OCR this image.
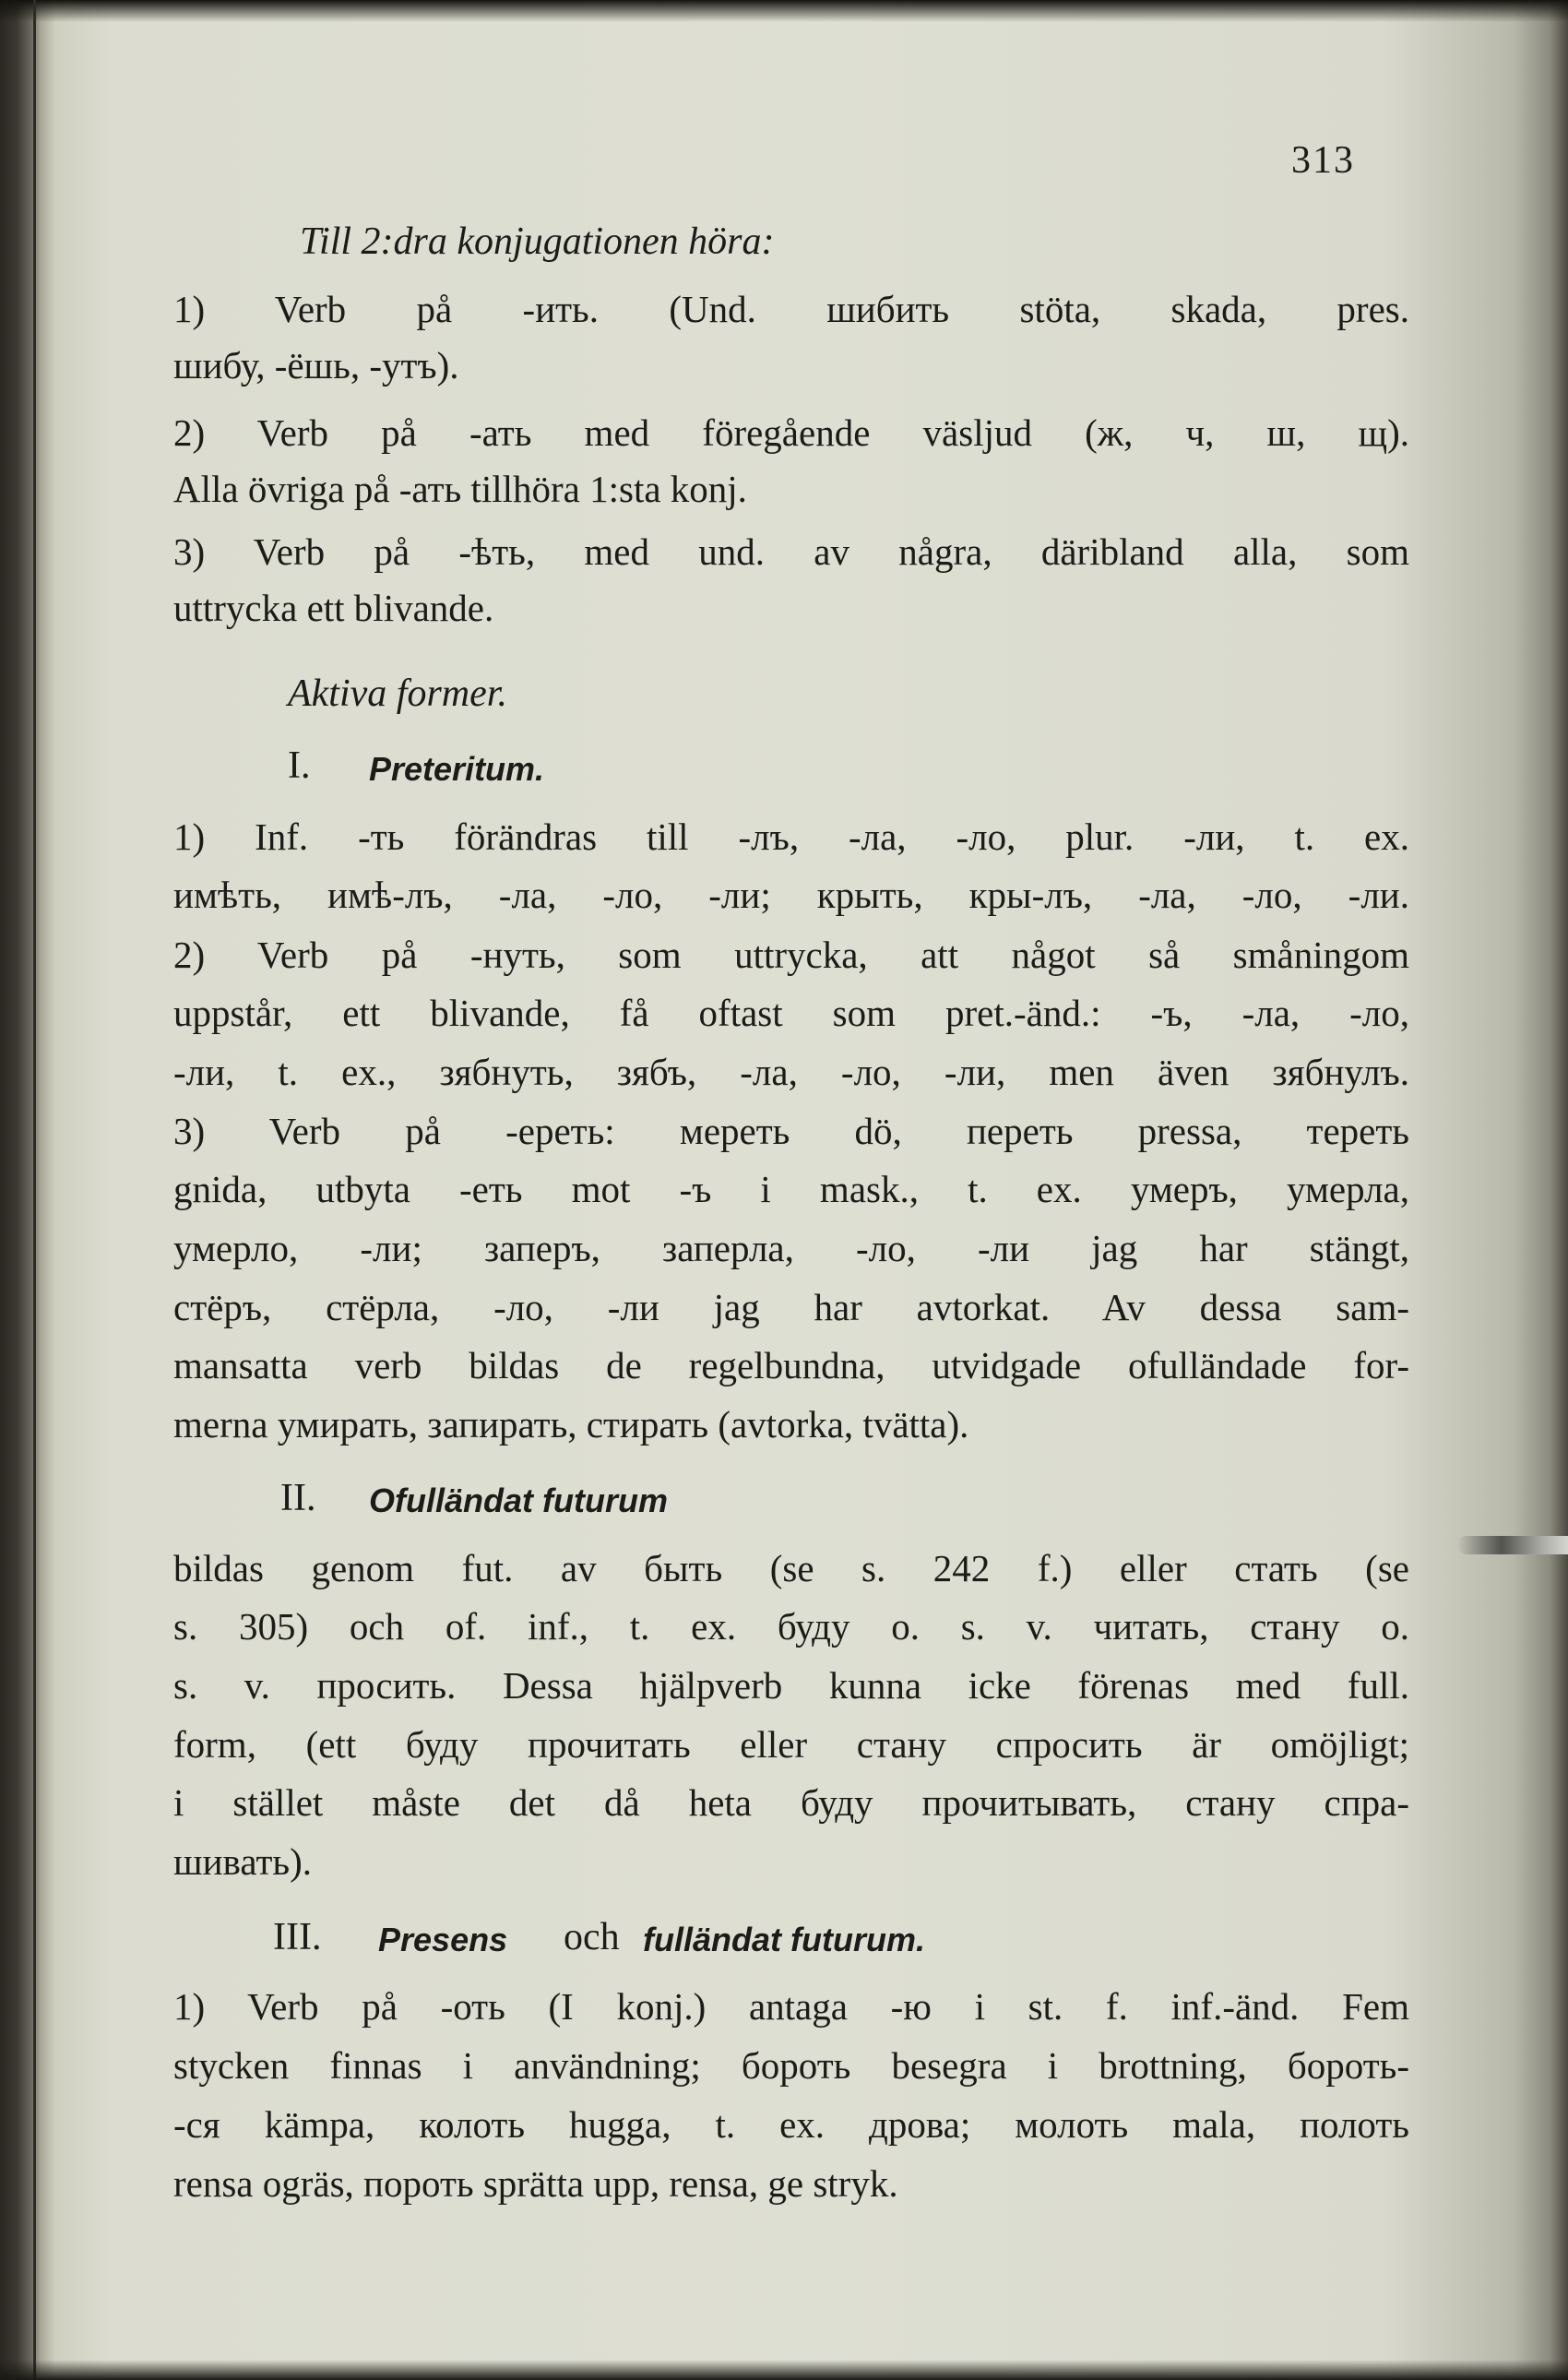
313
Till 2:dra konjugationen höra:
1) Verb på -ить. (Und. шибить stöta, skada, pres.
шибу, -ёшь, -утъ).
2) Verb på -ать med föregående väsljud (ж, ч, ш, щ).
Alla övriga på -ать tillhöra 1:sta konj.
3) Verb på -ѣть, med und. av några, däribland alla, som
uttrycka ett blivande.
Aktiva former.
I. Preteritum.
1) Inf. -ть förändras till -лъ, -ла, -ло, plur. -ли, t. ex.
имѣть, имѣ-лъ, -ла, -ло, -ли; крыть, кры-лъ, -ла, -ло, -ли.
2) Verb på -нуть, som uttrycka, att något så småningom
uppstår, ett blivande, få oftast som pret.-änd.: -ъ, -ла, -ло,
-ли, t. ex., зябнуть, зябъ, -ла, -ло, -ли, men även зябнулъ.
3) Verb på -ереть: мереть dö, переть pressa, тереть
gnida, utbyta -еть mot -ъ i mask., t. ex. умеръ, умерла,
умерло, -ли; заперъ, заперла, -ло, -ли jag har stängt,
стёръ, стёрла, -ло, -ли jag har avtorkat. Av dessa sam-
mansatta verb bildas de regelbundna, utvidgade ofulländade for-
merna умирать, запирать, стирать (avtorka, tvätta).
II. Ofulländat futurum
bildas genom fut. av быть (se s. 242 f.) eller стать (se
s. 305) och of. inf., t. ex. буду o. s. v. читать, стану o.
s. v. просить. Dessa hjälpverb kunna icke förenas med full.
form, (ett буду прочитать eller стану спросить är omöjligt;
i stället måste det då heta буду прочитывать, стану спра-
шивать).
III. Presens och fulländat futurum.
1) Verb på -оть (I konj.) antaga -ю i st. f. inf.-änd. Fem
stycken finnas i användning; бороть besegra i brottning, бороть-
-ся kämpa, колоть hugga, t. ex. дрова; молоть mala, полоть
rensa ogräs, пороть sprätta upp, rensa, ge stryk.
